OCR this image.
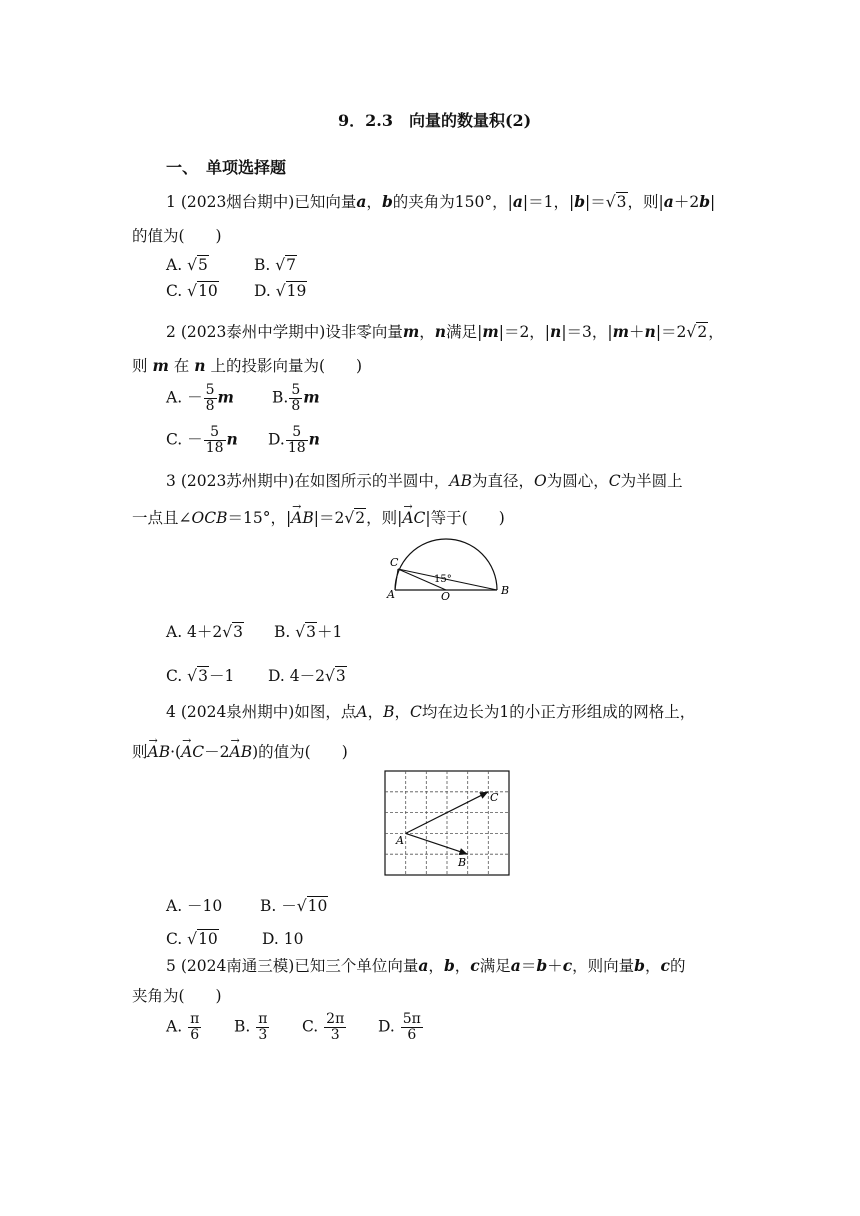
9．2.3　向量的数量积(2)
一、　单项选择题
1 (2023烟台期中)已知向量a，b的夹角为150°，|a|＝1，|b|＝√3，则|a＋2b|
的值为(　　)
A. √5	B. √7
C. √10 D. √19
2 (2023泰州中学期中)设非零向量m，n满足|m|＝2，|n|＝3，|m＋n|＝2√2，
则 m 在 n 上的投影向量为(　　)
A. － $\frac{5}{8}$ m B. $\frac{5}{8}$ m
C. － $\frac{5}{18}$ n D. $\frac{5}{18}$ n
3 (2023苏州期中)在如图所示的半圆中，AB为直径，O为圆心，C为半圆上
一点且∠OCB＝15°，|→ AB|＝2√2，则|→ AC|等于(　　)
A	O	B
C
15°
A. 4＋2√3 B. √3＋1
C. √3－1 D. 4－2√3
4 (2024泉州期中)如图，点A，B，C均在边长为1的小正方形组成的网格上，
则→ AB·(→ AC－2→ AB)的值为(　　)
A
B
C
A. －10 B. －√10
C. √10	D. 10
5 (2024南通三模)已知三个单位向量a，b，c满足a＝b＋c，则向量b，c的
夹角为(　　)
A. $\frac{\pi}{6} B$. $\frac{\pi}{3} C$. $\frac{2\pi}{3} D$. $\frac{5\pi}{6}$
